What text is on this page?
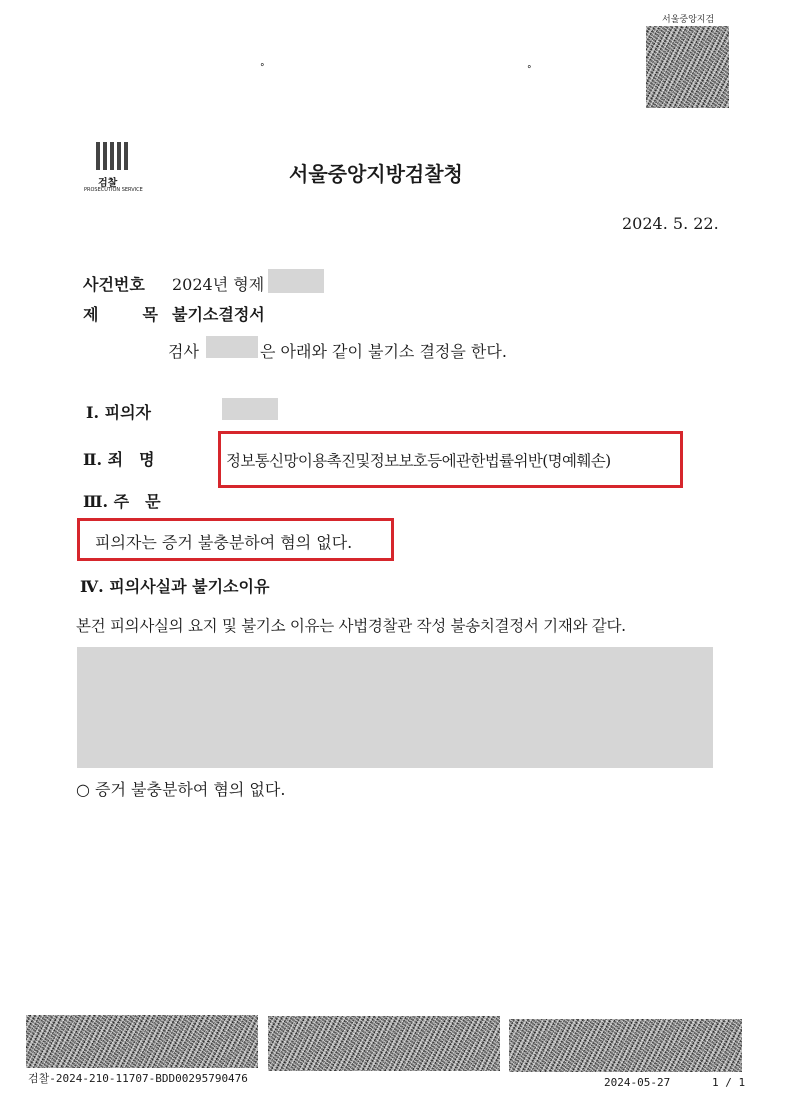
°	°
서울중앙지검
검찰
PROSECUTION SERVICE
서울중앙지방검찰청
2024. 5. 22.
사건번호 2024년 형제
제　목 불기소결정서
검사	은 아래와 같이 불기소 결정을 한다.
Ⅰ. 피의자
Ⅱ. 죄　명	정보통신망이용촉진및정보보호등에관한법률위반(명예훼손)
Ⅲ. 주　문
피의자는 증거 불충분하여 혐의 없다.
Ⅳ. 피의사실과 불기소이유
본건 피의사실의 요지 및 불기소 이유는 사법경찰관 작성 불송치결정서 기재와 같다.
○ 증거 불충분하여 혐의 없다.
검찰-2024-210-11707-BDD00295790476	2024-05-27	1 / 1
